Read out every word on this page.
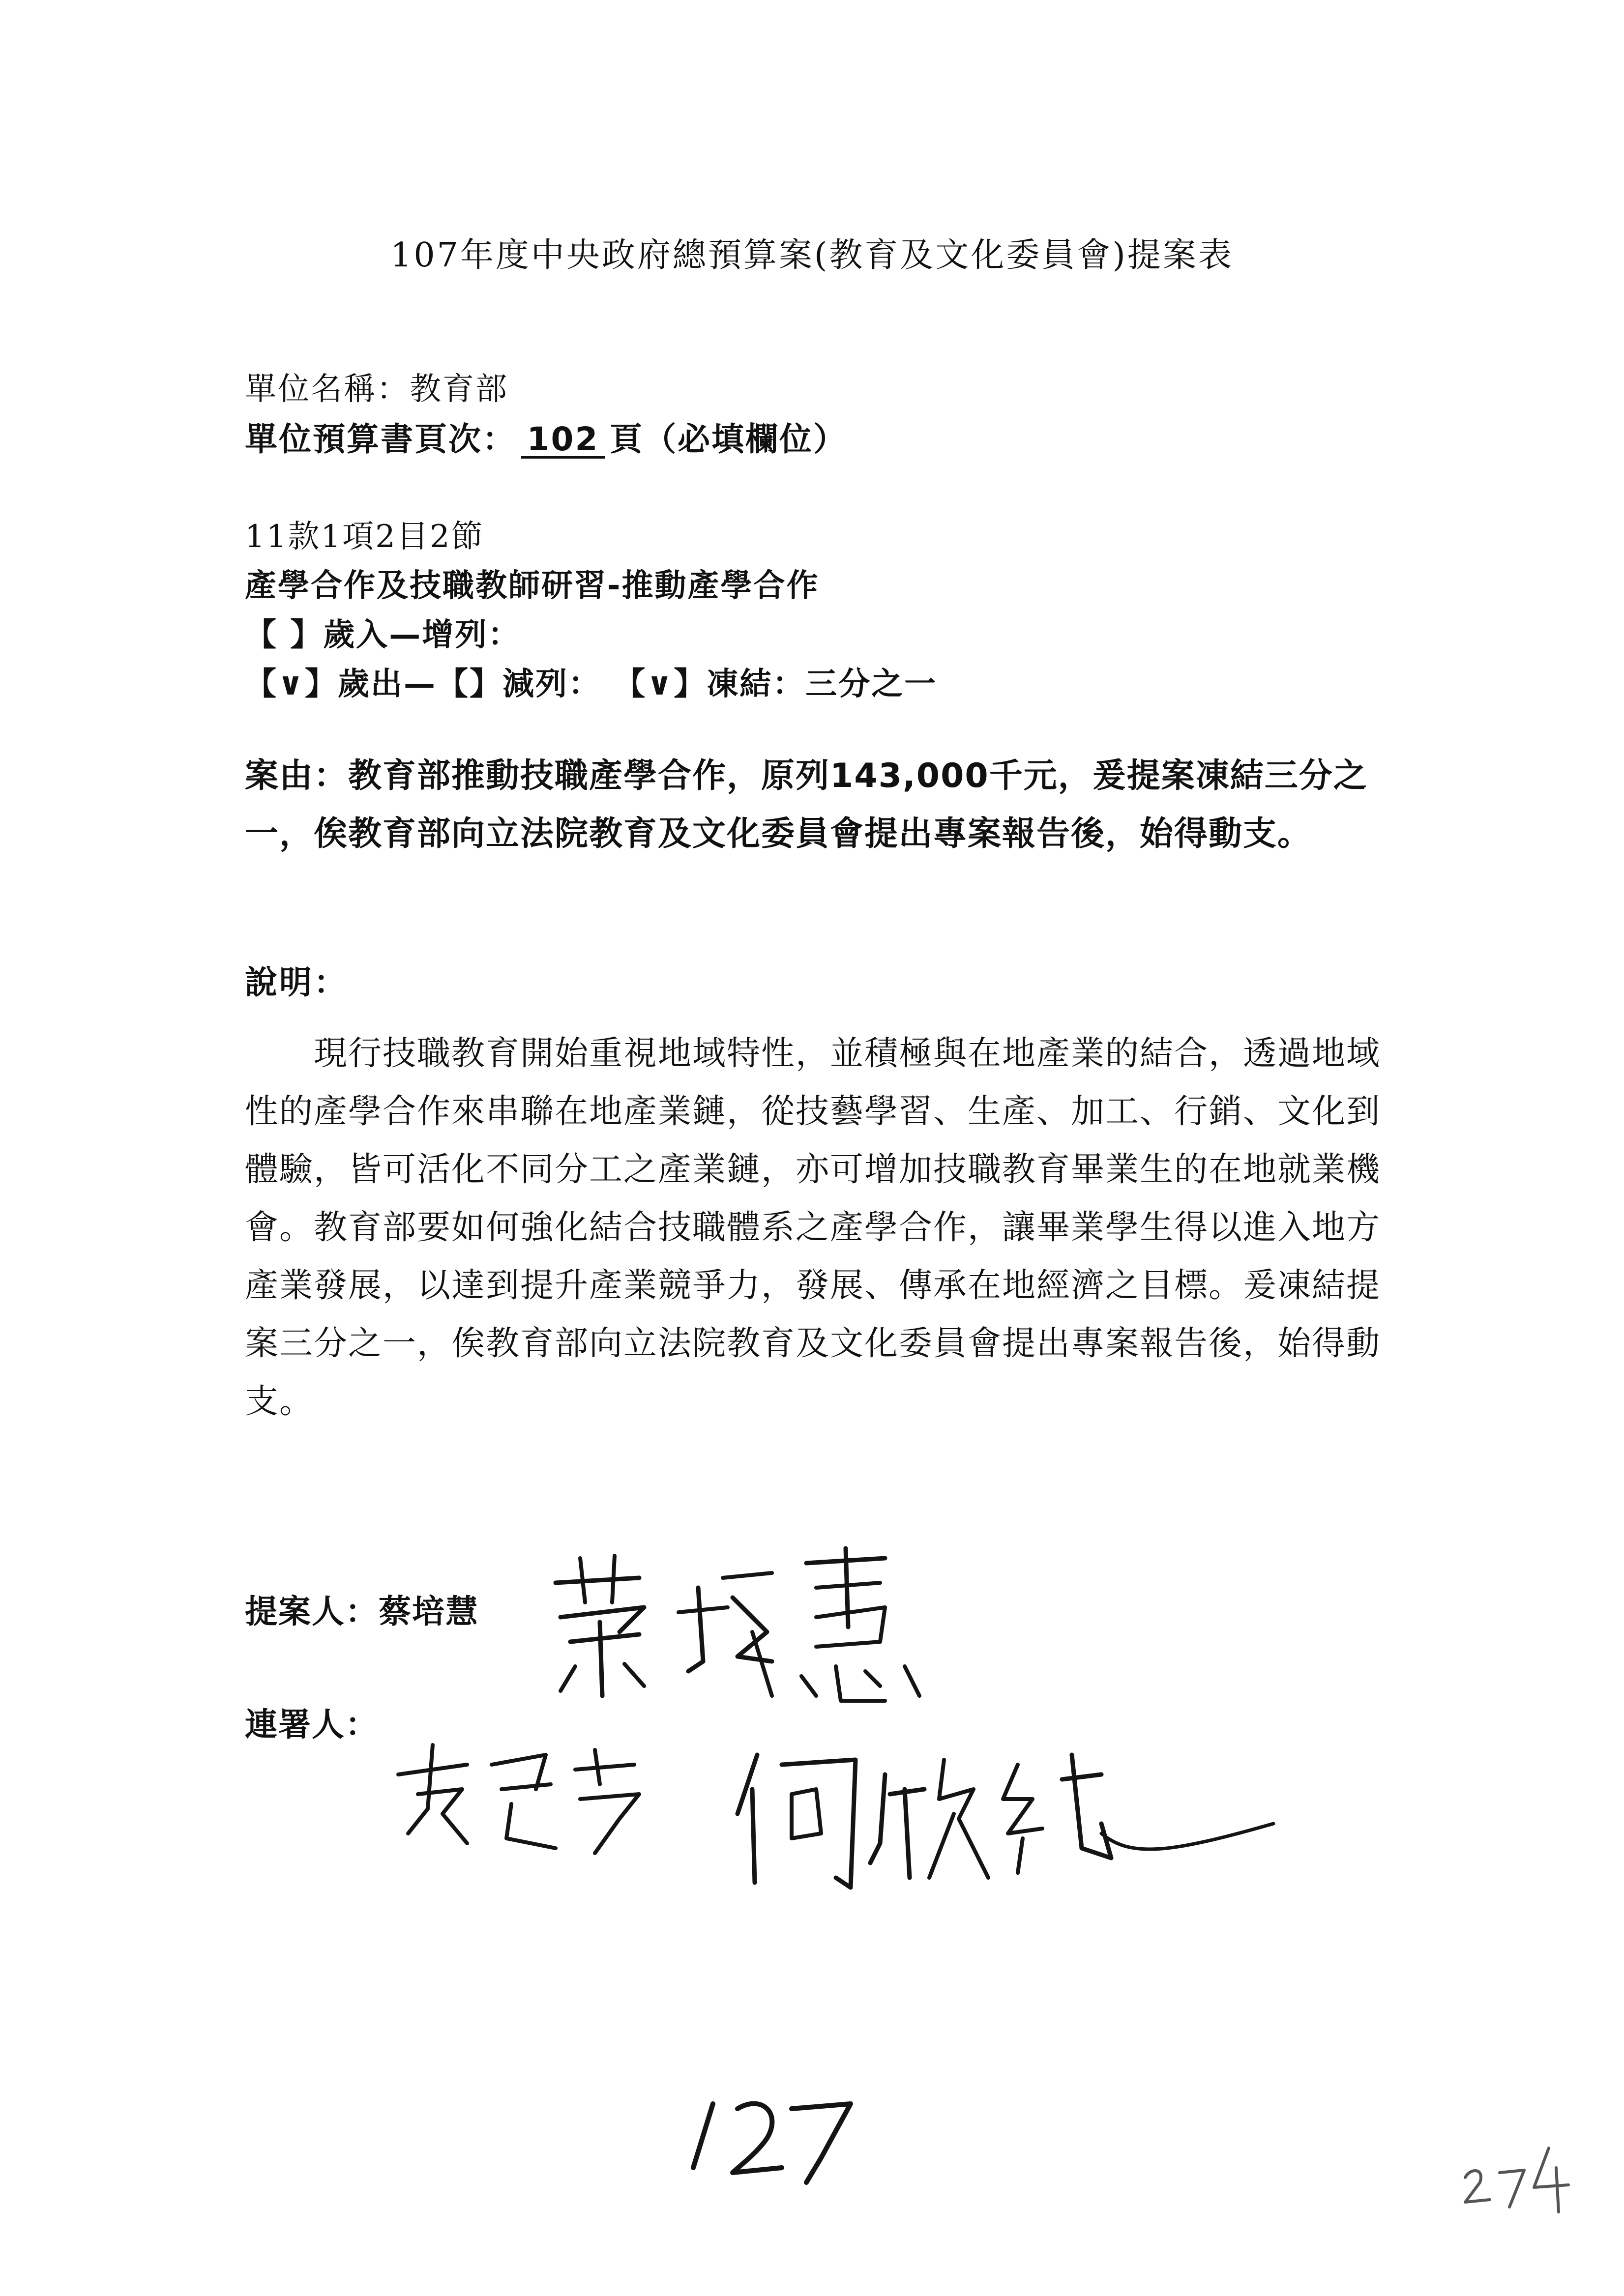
107年度中央政府總預算案(教育及文化委員會)提案表
單位名稱：教育部
單位預算書頁次： 102 頁（必填欄位）
11款1項2目2節
產學合作及技職教師研習-推動產學合作
【 】歲入—增列：
【∨】歲出—【】減列： 【∨】凍結：三分之一
案由：教育部推動技職產學合作，原列143,000千元，爰提案凍結三分之一，俟教育部向立法院教育及文化委員會提出專案報告後，始得動支。
說明：
現行技職教育開始重視地域特性，並積極與在地產業的結合，透過地域性的產學合作來串聯在地產業鏈，從技藝學習、生產、加工、行銷、文化到體驗，皆可活化不同分工之產業鏈，亦可增加技職教育畢業生的在地就業機會。教育部要如何強化結合技職體系之產學合作，讓畢業學生得以進入地方產業發展，以達到提升產業競爭力，發展、傳承在地經濟之目標。爰凍結提案三分之一，俟教育部向立法院教育及文化委員會提出專案報告後，始得動支。
提案人：蔡培慧
連署人：
